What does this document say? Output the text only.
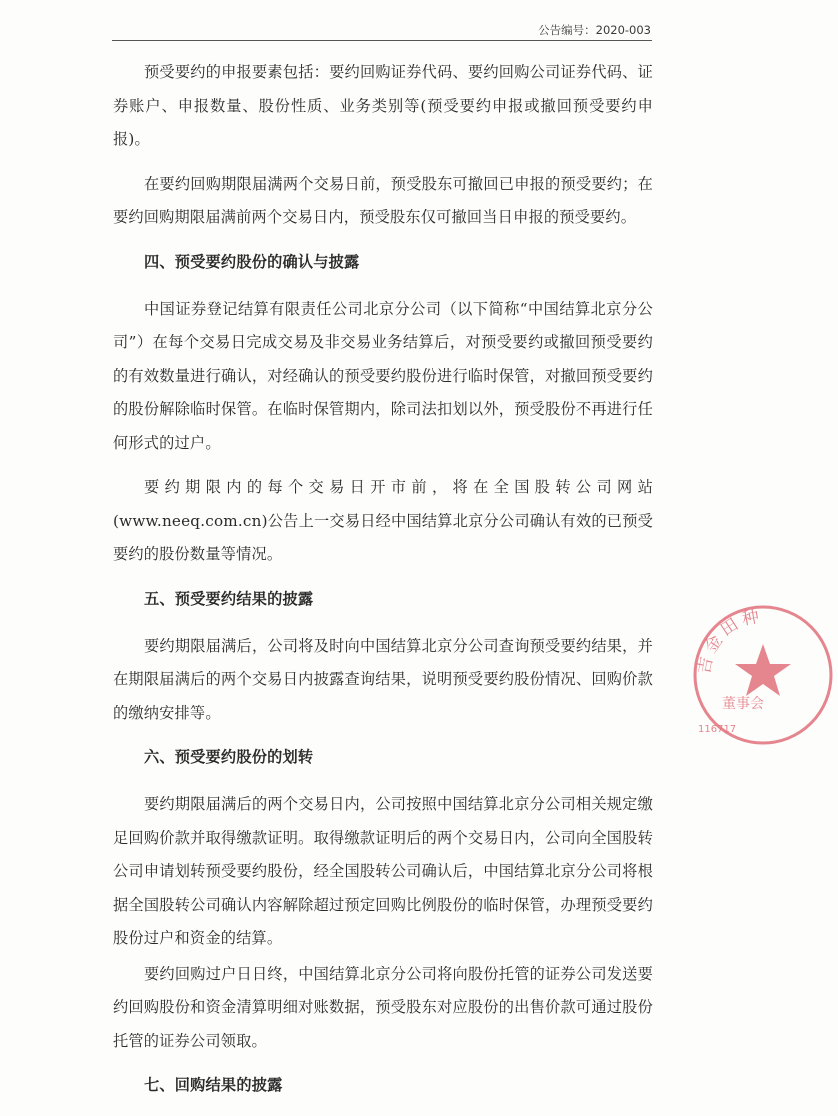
公告编号：2020-003

预受要约的申报要素包括：要约回购证券代码、要约回购公司证券代码、证券账户、申报数量、股份性质、业务类别等(预受要约申报或撤回预受要约申报)。

在要约回购期限届满两个交易日前，预受股东可撤回已申报的预受要约；在要约回购期限届满前两个交易日内，预受股东仅可撤回当日申报的预受要约。

四、预受要约股份的确认与披露

中国证券登记结算有限责任公司北京分公司（以下简称“中国结算北京分公司”）在每个交易日完成交易及非交易业务结算后，对预受要约或撤回预受要约的有效数量进行确认，对经确认的预受要约股份进行临时保管，对撤回预受要约的股份解除临时保管。在临时保管期内，除司法扣划以外，预受股份不再进行任何形式的过户。

要约期限内的每个交易日开市前，将在全国股转公司网站(www.neeq.com.cn)公告上一交易日经中国结算北京分公司确认有效的已预受要约的股份数量等情况。

五、预受要约结果的披露

要约期限届满后，公司将及时向中国结算北京分公司查询预受要约结果，并在期限届满后的两个交易日内披露查询结果，说明预受要约股份情况、回购价款的缴纳安排等。

六、预受要约股份的划转

要约期限届满后的两个交易日内，公司按照中国结算北京分公司相关规定缴足回购价款并取得缴款证明。取得缴款证明后的两个交易日内，公司向全国股转公司申请划转预受要约股份，经全国股转公司确认后，中国结算北京分公司将根据全国股转公司确认内容解除超过预定回购比例股份的临时保管，办理预受要约股份过户和资金的结算。

要约回购过户日日终，中国结算北京分公司将向股份托管的证券公司发送要约回购股份和资金清算明细对账数据，预受股东对应股份的出售价款可通过股份托管的证券公司领取。

七、回购结果的披露
吉金田种
董事会
116717
